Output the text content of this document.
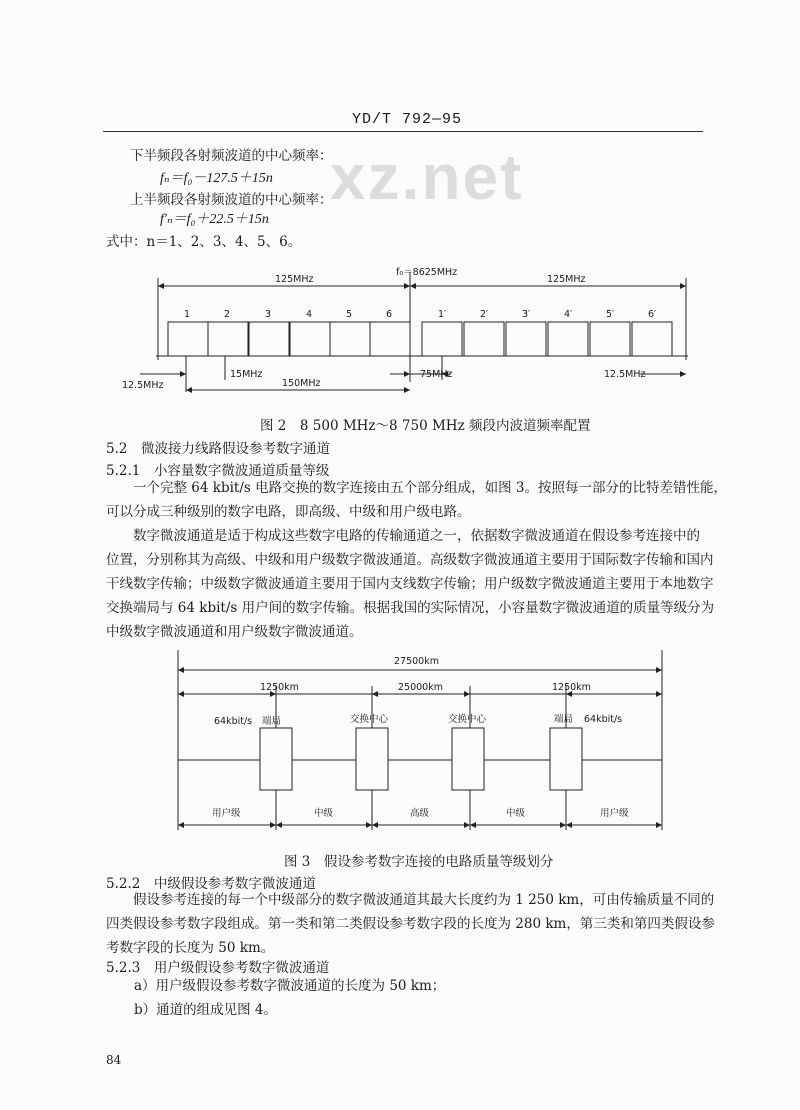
YD/T 792—95
xz.net
下半频段各射频波道的中心频率：
fₙ＝f₀－127.5＋15n
上半频段各射频波道的中心频率：
f′ₙ＝f₀＋22.5＋15n
式中：n＝1、2、3、4、5、6。
125MHz
f₀＝8625MHz
125MHz
1	2	3	4	5	6	1′	2′	3′	4′	5′	6′
12.5MHz
15MHz
150MHz
75MHz	12.5MHz
图 2　8 500 MHz～8 750 MHz 频段内波道频率配置
5.2　微波接力线路假设参考数字通道
5.2.1　小容量数字微波通道质量等级
　　一个完整 64 kbit/s 电路交换的数字连接由五个部分组成，如图 3。按照每一部分的比特差错性能，
可以分成三种级别的数字电路，即高级、中级和用户级电路。
　　数字微波通道是适于构成这些数字电路的传输通道之一，依据数字微波通道在假设参考连接中的
位置，分别称其为高级、中级和用户级数字微波通道。高级数字微波通道主要用于国际数字传输和国内
干线数字传输；中级数字微波通道主要用于国内支线数字传输；用户级数字微波通道主要用于本地数字
交换端局与 64 kbit/s 用户间的数字传输。根据我国的实际情况，小容量数字微波通道的质量等级分为
中级数字微波通道和用户级数字微波通道。
27500km
1250km	25000km	1250km
64kbit/s 端局	交换中心	交换中心	端局 64kbit/s
用户级	中级	高级	中级	用户级
图 3　假设参考数字连接的电路质量等级划分
5.2.2　中级假设参考数字微波通道
　　假设参考连接的每一个中级部分的数字微波通道其最大长度约为 1 250 km，可由传输质量不同的
四类假设参考数字段组成。第一类和第二类假设参考数字段的长度为 280 km，第三类和第四类假设参
考数字段的长度为 50 km。
5.2.3　用户级假设参考数字微波通道
a）用户级假设参考数字微波通道的长度为 50 km；
b）通道的组成见图 4。
84
